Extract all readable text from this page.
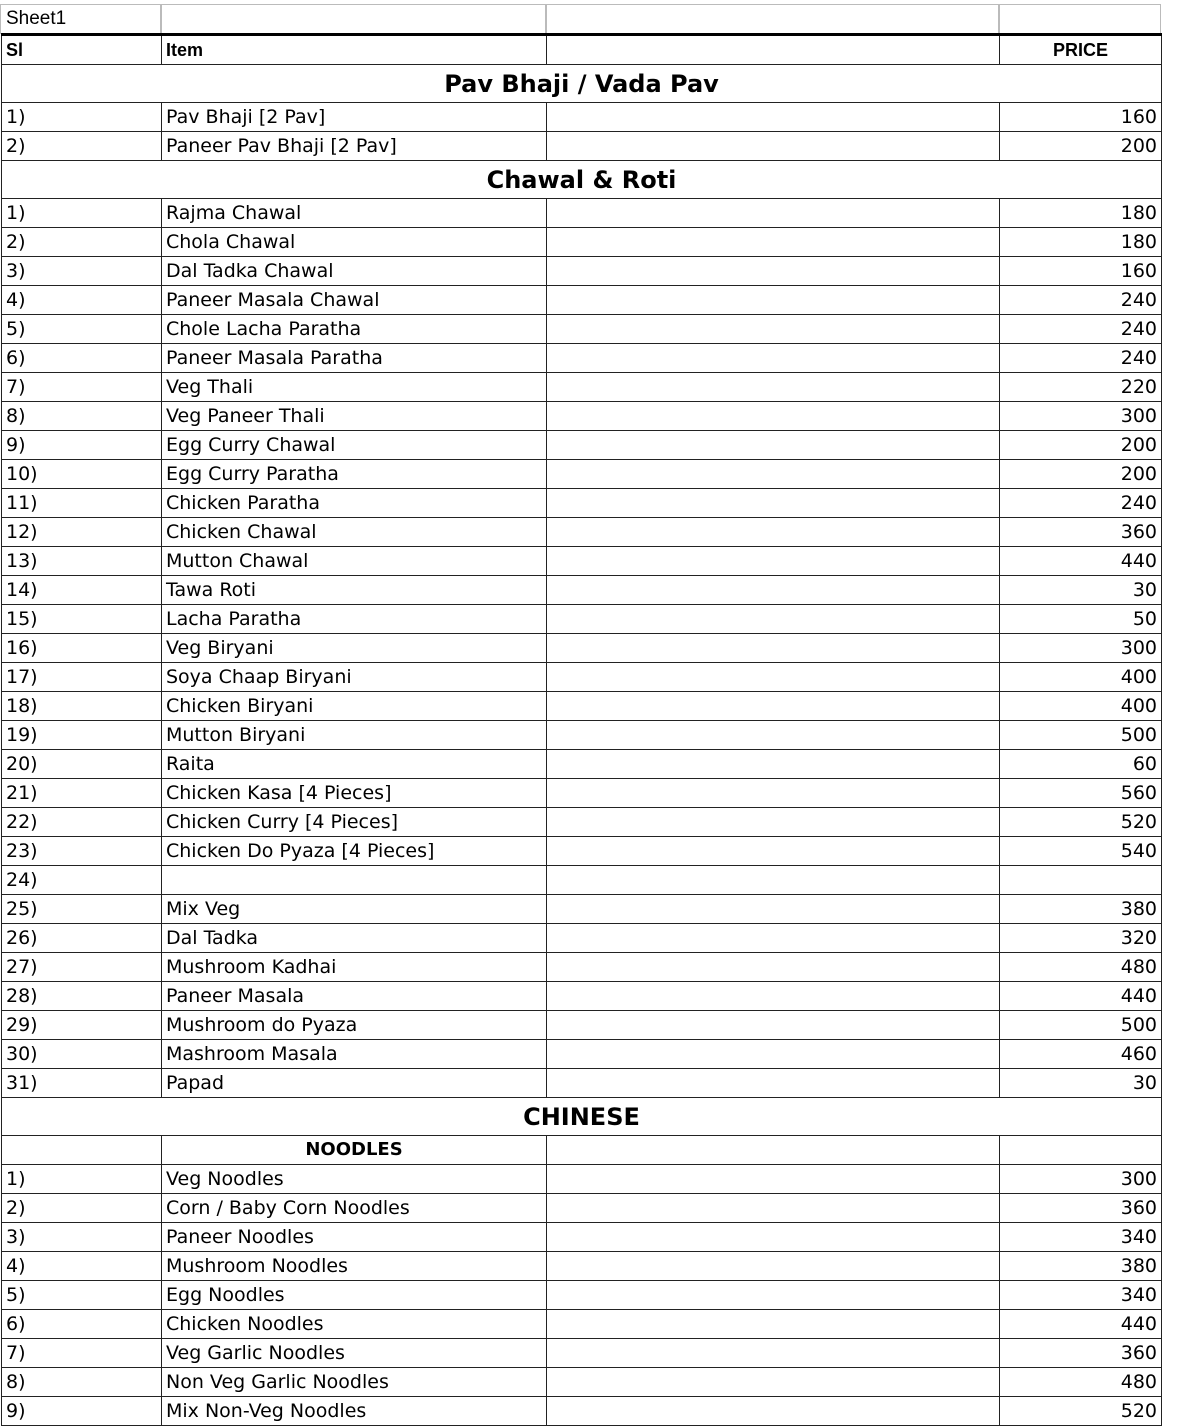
Sheet1
Sl	Item		PRICE
Pav Bhaji / Vada Pav			
1)	Pav Bhaji [2 Pav]		160
2)	Paneer Pav Bhaji [2 Pav]		200
Chawal & Roti			
1)	Rajma Chawal		180
2)	Chola Chawal		180
3)	Dal Tadka Chawal		160
4)	Paneer Masala Chawal		240
5)	Chole Lacha Paratha		240
6)	Paneer Masala Paratha		240
7)	Veg Thali		220
8)	Veg Paneer Thali		300
9)	Egg Curry Chawal		200
10)	Egg Curry Paratha		200
11)	Chicken Paratha		240
12)	Chicken Chawal		360
13)	Mutton Chawal		440
14)	Tawa Roti		30
15)	Lacha Paratha		50
16)	Veg Biryani		300
17)	Soya Chaap Biryani		400
18)	Chicken Biryani		400
19)	Mutton Biryani		500
20)	Raita		60
21)	Chicken Kasa [4 Pieces]		560
22)	Chicken Curry [4 Pieces]		520
23)	Chicken Do Pyaza [4 Pieces]		540
24)			
25)	Mix Veg		380
26)	Dal Tadka		320
27)	Mushroom Kadhai		480
28)	Paneer Masala		440
29)	Mushroom do Pyaza		500
30)	Mashroom Masala		460
31)	Papad		30
CHINESE			
	NOODLES		
1)	Veg Noodles		300
2)	Corn / Baby Corn Noodles		360
3)	Paneer Noodles		340
4)	Mushroom Noodles		380
5)	Egg Noodles		340
6)	Chicken Noodles		440
7)	Veg Garlic Noodles		360
8)	Non Veg Garlic Noodles		480
9)	Mix Non-Veg Noodles		520
